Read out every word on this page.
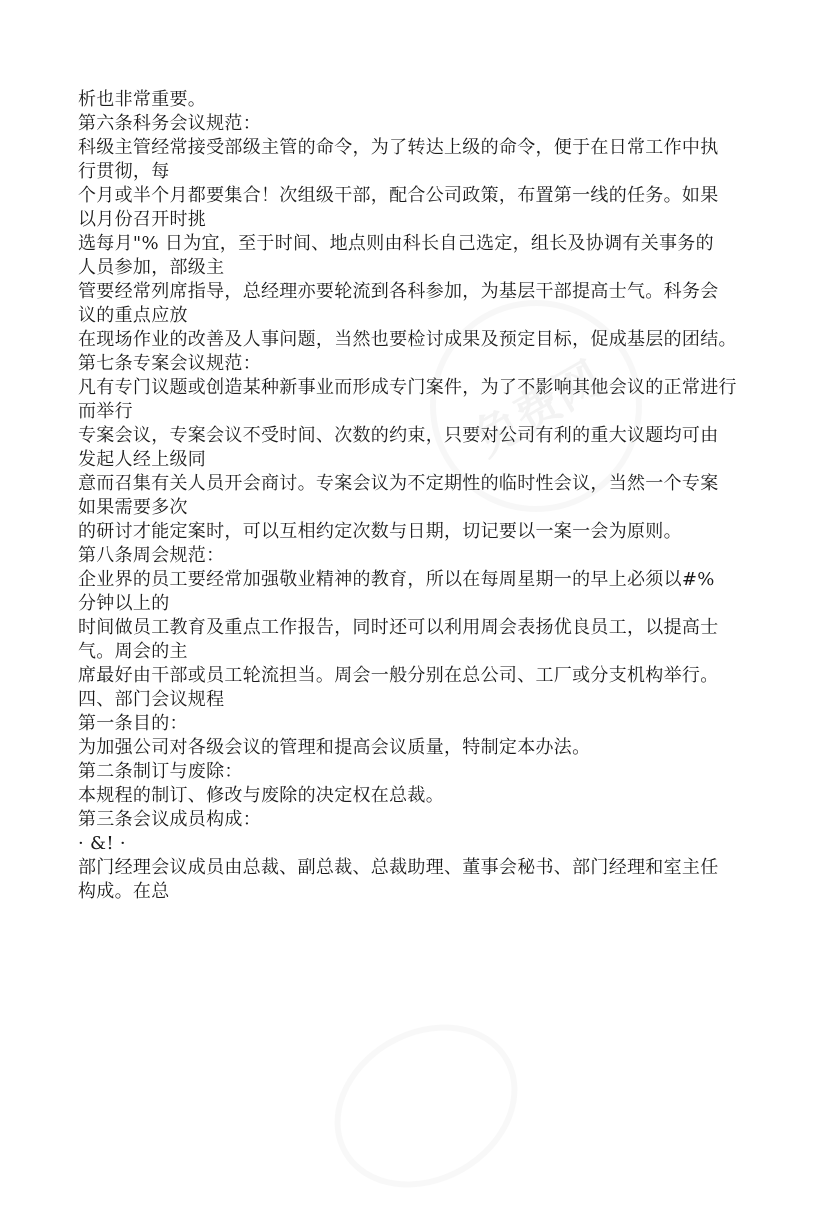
免费网
析也非常重要。
第六条科务会议规范：
科级主管经常接受部级主管的命令，为了转达上级的命令，便于在日常工作中执
行贯彻，每
个月或半个月都要集合！次组级干部，配合公司政策，布置第一线的任务。如果
以月份召开时挑
选每月"% 日为宜，至于时间、地点则由科长自己选定，组长及协调有关事务的
人员参加，部级主
管要经常列席指导，总经理亦要轮流到各科参加，为基层干部提高士气。科务会
议的重点应放
在现场作业的改善及人事问题，当然也要检讨成果及预定目标，促成基层的团结。
第七条专案会议规范：
凡有专门议题或创造某种新事业而形成专门案件，为了不影响其他会议的正常进行
而举行
专案会议，专案会议不受时间、次数的约束，只要对公司有利的重大议题均可由
发起人经上级同
意而召集有关人员开会商讨。专案会议为不定期性的临时性会议，当然一个专案
如果需要多次
的研讨才能定案时，可以互相约定次数与日期，切记要以一案一会为原则。
第八条周会规范：
企业界的员工要经常加强敬业精神的教育，所以在每周星期一的早上必须以#%
分钟以上的
时间做员工教育及重点工作报告，同时还可以利用周会表扬优良员工，以提高士
气。周会的主
席最好由干部或员工轮流担当。周会一般分别在总公司、工厂或分支机构举行。
四、部门会议规程
第一条目的：
为加强公司对各级会议的管理和提高会议质量，特制定本办法。
第二条制订与废除：
本规程的制订、修改与废除的决定权在总裁。
第三条会议成员构成：
· &! ·
部门经理会议成员由总裁、副总裁、总裁助理、董事会秘书、部门经理和室主任
构成。在总
